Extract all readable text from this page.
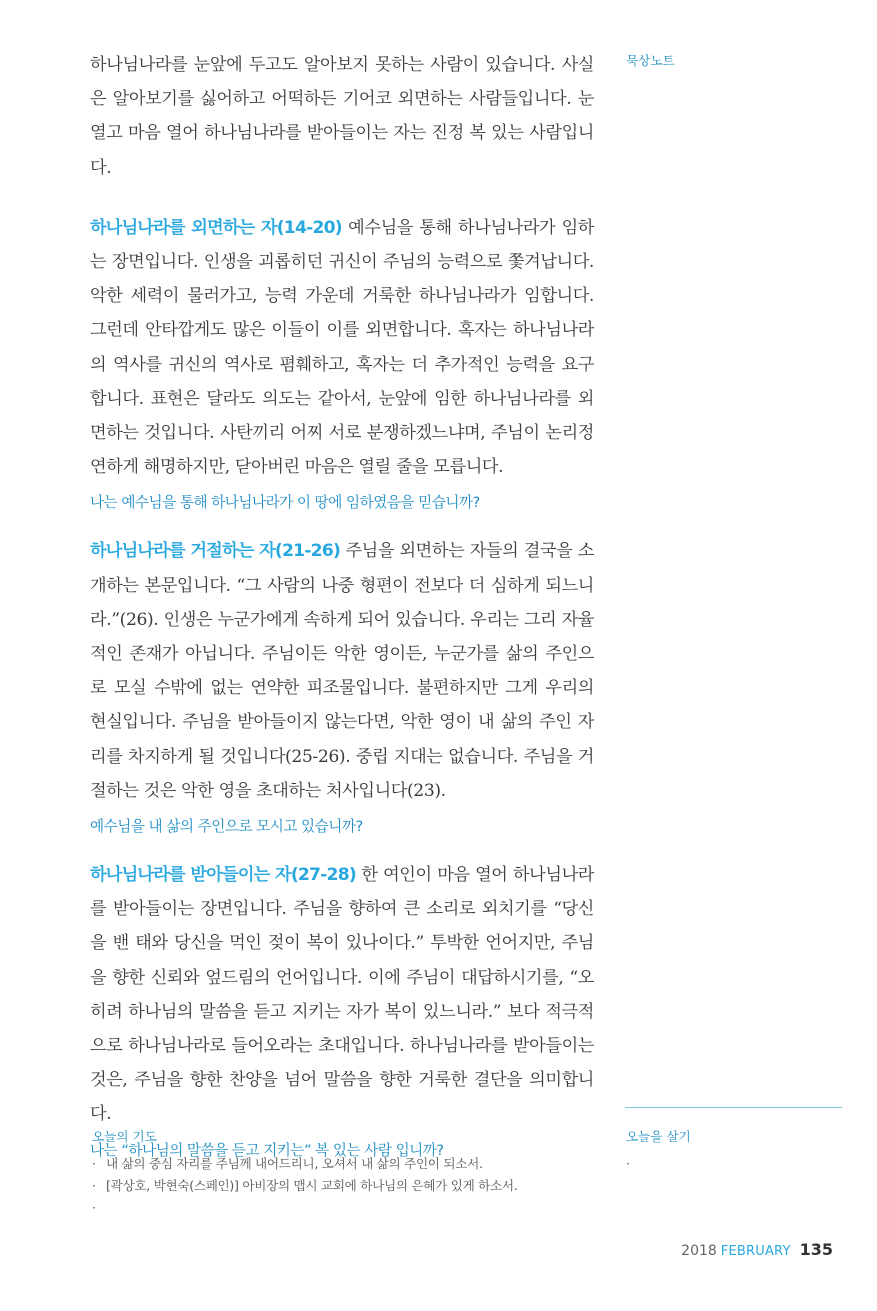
묵상노트

하나님나라를 눈앞에 두고도 알아보지 못하는 사람이 있습니다. 사실은 알아보기를 싫어하고 어떡하든 기어코 외면하는 사람들입니다. 눈 열고 마음 열어 하나님나라를 받아들이는 자는 진정 복 있는 사람입니다.

하나님나라를 외면하는 자(14-20) 예수님을 통해 하나님나라가 임하는 장면입니다. 인생을 괴롭히던 귀신이 주님의 능력으로 쫓겨납니다. 악한 세력이 물러가고, 능력 가운데 거룩한 하나님나라가 임합니다. 그런데 안타깝게도 많은 이들이 이를 외면합니다. 혹자는 하나님나라의 역사를 귀신의 역사로 폄훼하고, 혹자는 더 추가적인 능력을 요구합니다. 표현은 달라도 의도는 같아서, 눈앞에 임한 하나님나라를 외면하는 것입니다. 사탄끼리 어찌 서로 분쟁하겠느냐며, 주님이 논리정연하게 해명하지만, 닫아버린 마음은 열릴 줄을 모릅니다.

나는 예수님을 통해 하나님나라가 이 땅에 임하였음을 믿습니까?

하나님나라를 거절하는 자(21-26) 주님을 외면하는 자들의 결국을 소개하는 본문입니다. “그 사람의 나중 형편이 전보다 더 심하게 되느니라.”(26). 인생은 누군가에게 속하게 되어 있습니다. 우리는 그리 자율적인 존재가 아닙니다. 주님이든 악한 영이든, 누군가를 삶의 주인으로 모실 수밖에 없는 연약한 피조물입니다. 불편하지만 그게 우리의 현실입니다. 주님을 받아들이지 않는다면, 악한 영이 내 삶의 주인 자리를 차지하게 될 것입니다(25-26). 중립 지대는 없습니다. 주님을 거절하는 것은 악한 영을 초대하는 처사입니다(23).

예수님을 내 삶의 주인으로 모시고 있습니까?

하나님나라를 받아들이는 자(27-28) 한 여인이 마음 열어 하나님나라를 받아들이는 장면입니다. 주님을 향하여 큰 소리로 외치기를 “당신을 밴 태와 당신을 먹인 젖이 복이 있나이다.” 투박한 언어지만, 주님을 향한 신뢰와 엎드림의 언어입니다. 이에 주님이 대답하시기를, “오히려 하나님의 말씀을 듣고 지키는 자가 복이 있느니라.” 보다 적극적으로 하나님나라로 들어오라는 초대입니다. 하나님나라를 받아들이는 것은, 주님을 향한 찬양을 넘어 말씀을 향한 거룩한 결단을 의미합니다.

나는 “하나님의 말씀을 듣고 지키는” 복 있는 사람 입니까?

오늘의 기도
· 내 삶의 중심 자리를 주님께 내어드리니, 오셔서 내 삶의 주인이 되소서.
· [곽상호, 박현숙(스페인)] 아비장의 맵시 교회에 하나님의 은혜가 있게 하소서.
·
오늘을 살기
·
2018 FEBRUARY 135
